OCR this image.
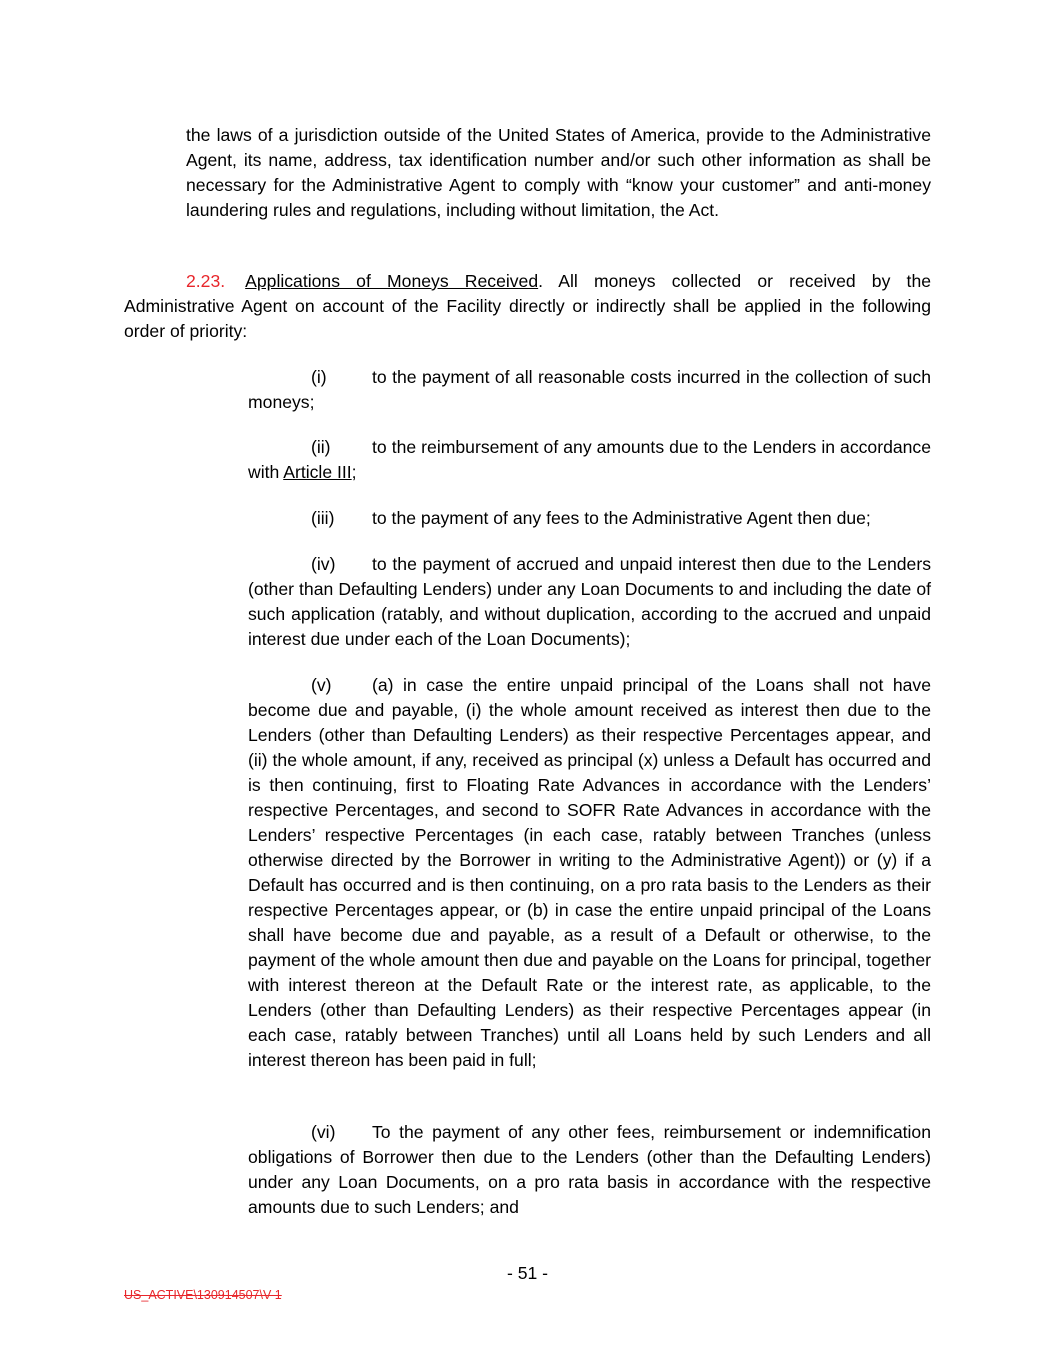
the laws of a jurisdiction outside of the United States of America, provide to the Administrative Agent, its name, address, tax identification number and/or such other information as shall be necessary for the Administrative Agent to comply with “know your customer” and anti-money laundering rules and regulations, including without limitation, the Act.

2.23. Applications of Moneys Received. All moneys collected or received by the Administrative Agent on account of the Facility directly or indirectly shall be applied in the following order of priority:

(i)	to the payment of all reasonable costs incurred in the collection of such moneys;

(ii) to the reimbursement of any amounts due to the Lenders in accordance with Article III;

(iii) to the payment of any fees to the Administrative Agent then due;

(iv) to the payment of accrued and unpaid interest then due to the Lenders (other than Defaulting Lenders) under any Loan Documents to and including the date of such application (ratably, and without duplication, according to the accrued and unpaid interest due under each of the Loan Documents);

(v) (a) in case the entire unpaid principal of the Loans shall not have become due and payable, (i) the whole amount received as interest then due to the Lenders (other than Defaulting Lenders) as their respective Percentages appear, and (ii) the whole amount, if any, received as principal (x) unless a Default has occurred and is then continuing, first to Floating Rate Advances in accordance with the Lenders’ respective Percentages, and second to SOFR Rate Advances in accordance with the Lenders’ respective Percentages (in each case, ratably between Tranches (unless otherwise directed by the Borrower in writing to the Administrative Agent)) or (y) if a Default has occurred and is then continuing, on a pro rata basis to the Lenders as their respective Percentages appear, or (b) in case the entire unpaid principal of the Loans shall have become due and payable, as a result of a Default or otherwise, to the payment of the whole amount then due and payable on the Loans for principal, together with interest thereon at the Default Rate or the interest rate, as applicable, to the Lenders (other than Defaulting Lenders) as their respective Percentages appear (in each case, ratably between Tranches) until all Loans held by such Lenders and all interest thereon has been paid in full;

(vi) To the payment of any other fees, reimbursement or indemnification obligations of Borrower then due to the Lenders (other than the Defaulting Lenders) under any Loan Documents, on a pro rata basis in accordance with the respective amounts due to such Lenders; and

- 51 -
US_ACTIVE\130914507\V-1
